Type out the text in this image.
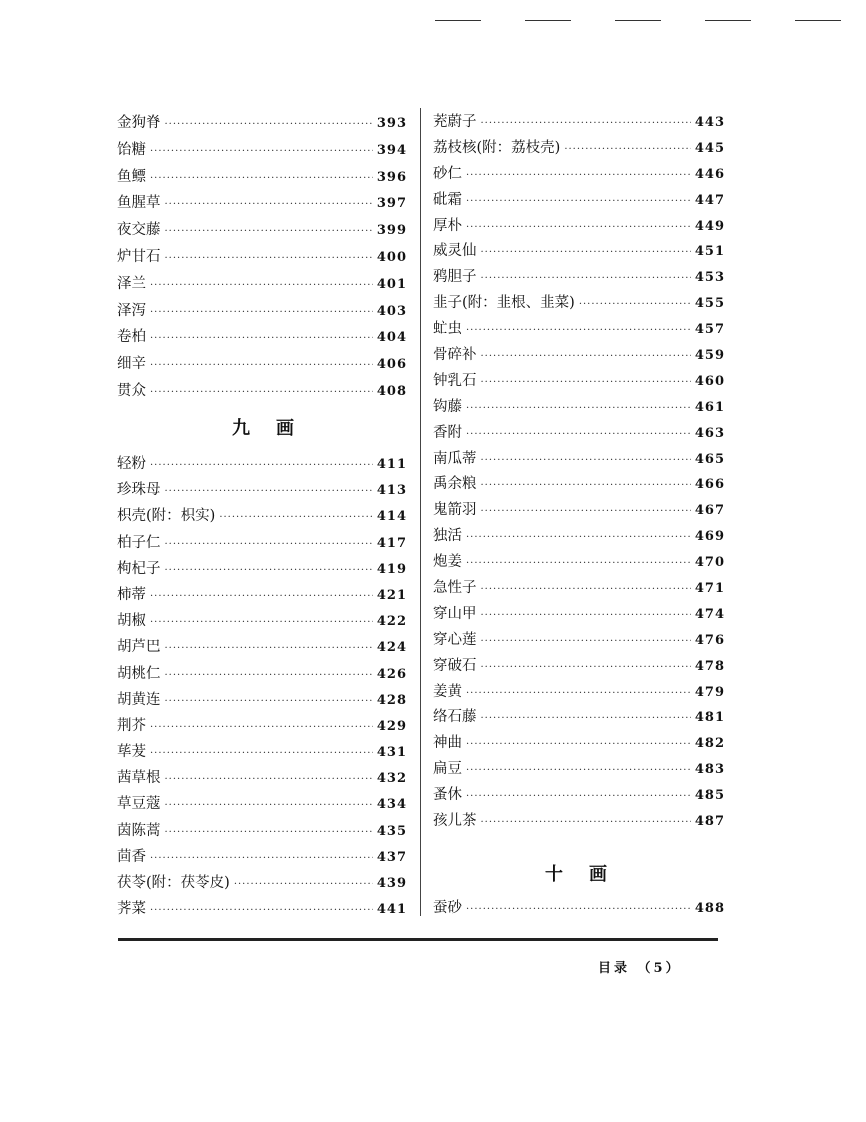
金狗脊 ·····	393
饴糖 ·····	394
鱼鳔 ·····	396
鱼腥草 ·····	397
夜交藤 ·····	399
炉甘石 ·····	400
泽兰 ·····	401
泽泻 ·····	403
卷柏 ·····	404
细辛 ·····	406
贯众 ·····	408
九画
轻粉 ·····	411
珍珠母 ·····	413
枳壳(附：枳实) ·····	414
柏子仁 ·····	417
枸杞子 ·····	419
柿蒂 ·····	421
胡椒 ·····	422
胡芦巴 ·····	424
胡桃仁 ·····	426
胡黄连 ·····	428
荆芥 ·····	429
荜茇 ·····	431
茜草根 ·····	432
草豆蔻 ·····	434
茵陈蒿 ·····	435
茴香 ·····	437
茯苓(附：茯苓皮) ·····	439
荠菜 ·····	441
茺蔚子 ·····	443
荔枝核(附：荔枝壳) ·····	445
砂仁 ·····	446
砒霜 ·····	447
厚朴 ·····	449
威灵仙 ·····	451
鸦胆子 ·····	453
韭子(附：韭根、韭菜) ·····	455
虻虫 ·····	457
骨碎补 ·····	459
钟乳石 ·····	460
钩藤 ·····	461
香附 ·····	463
南瓜蒂 ·····	465
禹余粮 ·····	466
鬼箭羽 ·····	467
独活 ·····	469
炮姜 ·····	470
急性子 ·····	471
穿山甲 ·····	474
穿心莲 ·····	476
穿破石 ·····	478
姜黄 ·····	479
络石藤 ·····	481
神曲 ·····	482
扁豆 ·····	483
蚤休 ·····	485
孩儿茶 ·····	487
十画
蚕砂 ·····	488
目录 （5）
